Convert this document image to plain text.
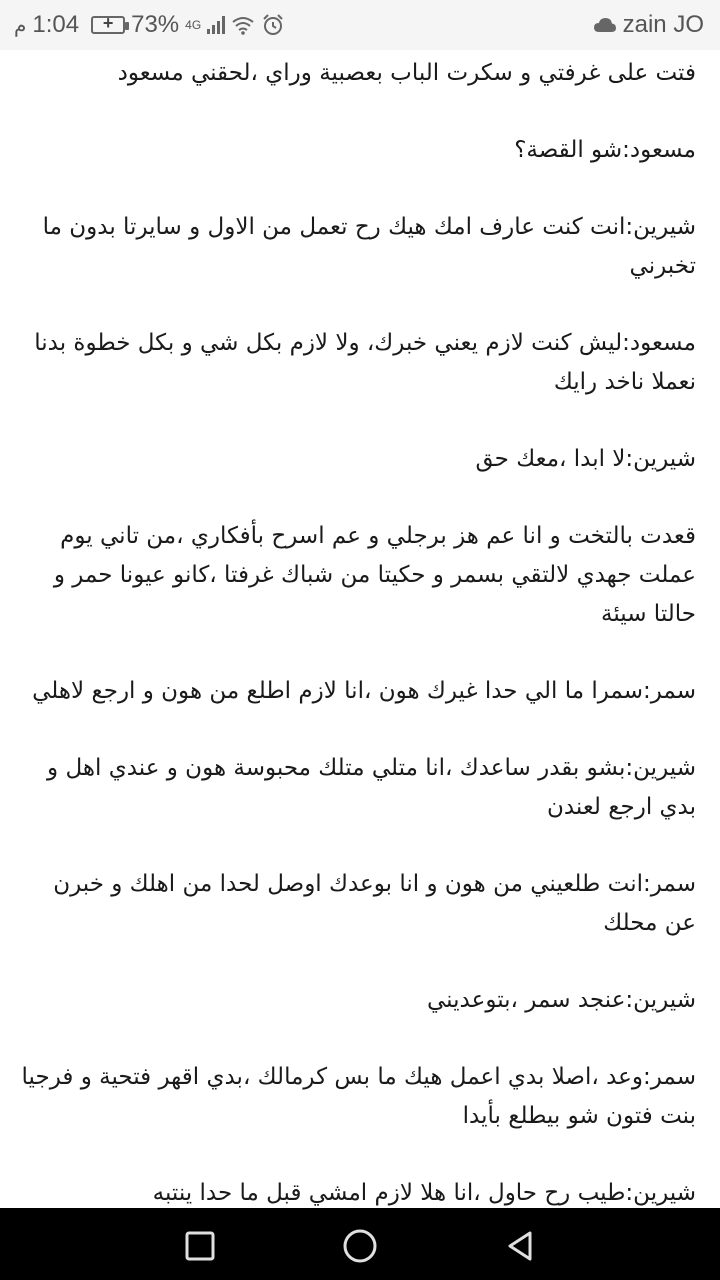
م 1:04	+ 73% 4G	zain JO

فتت على غرفتي و سكرت الباب بعصبية وراي ،لحقني مسعود

مسعود:شو القصة؟

شيرين:انت كنت عارف امك هيك رح تعمل من الاول و سايرتا بدون ما تخبرني

مسعود:ليش كنت لازم يعني خبرك، ولا لازم بكل شي و بكل خطوة بدنا نعملا ناخد رايك

شيرين:لا ابدا ،معك حق

قعدت بالتخت و انا عم هز برجلي و عم اسرح بأفكاري ،من تاني يوم عملت جهدي لالتقي بسمر و حكيتا من شباك غرفتا ،كانو عيونا حمر و حالتا سيئة

سمر:سمرا ما الي حدا غيرك هون ،انا لازم اطلع من هون و ارجع لاهلي

شيرين:بشو بقدر ساعدك ،انا متلي متلك محبوسة هون و عندي اهل و بدي ارجع لعندن

سمر:انت طلعيني من هون و انا بوعدك اوصل لحدا من اهلك و خبرن عن محلك

شيرين:عنجد سمر ،بتوعديني

سمر:وعد ،اصلا بدي اعمل هيك ما بس كرمالك ،بدي اقهر فتحية و فرجيا بنت فتون شو بيطلع بأيدا

شيرين:طيب رح حاول ،انا هلا لازم امشي قبل ما حدا ينتبه
